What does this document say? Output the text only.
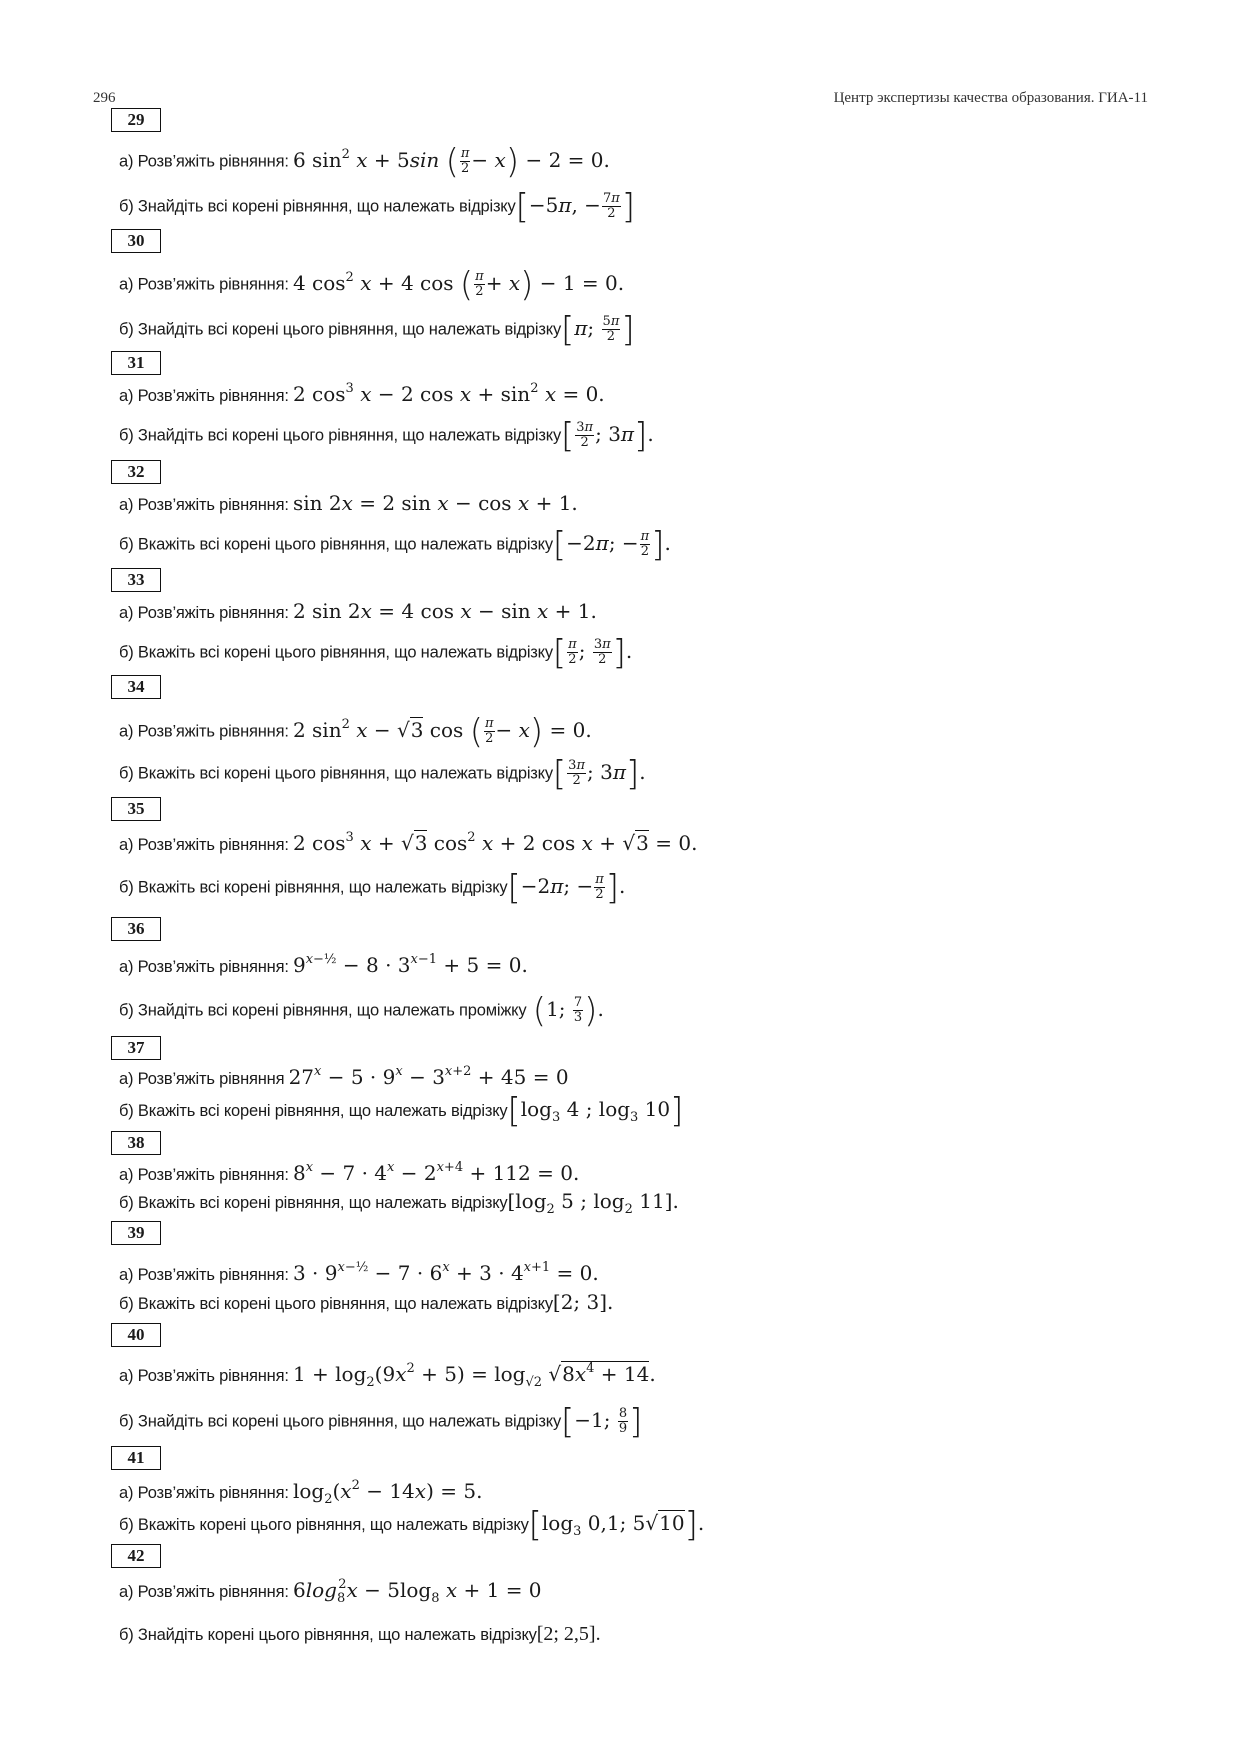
296	Центр экспертизы качества образования. ГИА-11
29
а) Розв’яжіть рівняння: 6 $\sin^2 x + 5\sin$ ( $\frac{\pi}{2} - x) - 2 = 0$.
б) Знайдіть всі корені рівняння, що належать відрізку[−5π, − $\frac{7\pi}{2}$ ]
30
а) Розв’яжіть рівняння: 4 $\cos^2 x + 4$ cos ( $\frac{\pi}{2} + x) - 1 = 0$.
б) Знайдіть всі корені цього рівняння, що належать відрізку[π; $\frac{5\pi}{2}$ ]
31
а) Розв’яжіть рівняння: 2 $\cos^3 x - 2$ $\cos x + \sin^2 x = 0$.
б) Знайдіть всі корені цього рівняння, що належать відрізку[ $\frac{3\pi}{2}$ ; 3π].
32
а) Розв’яжіть рівняння: sin 2x = 2 sin x − cos x + 1.
б) Вкажіть всі корені цього рівняння, що належать відрізку[−2π; − $\frac{\pi}{2}$ ].
33
а) Розв’яжіть рівняння: 2 sin 2x = 4 cos x − sin x + 1.
б) Вкажіть всі корені цього рівняння, що належать відрізку[ $\frac{\pi}{2}$ ; $\frac{3\pi}{2}$ ].
34
а) Розв’яжіть рівняння: 2 $\sin^2 x - √3$ cos ( $\frac{\pi}{2} - x) = 0$.
б) Вкажіть всі корені цього рівняння, що належать відрізку[ $\frac{3\pi}{2}$ ; 3π].
35
а) Розв’яжіть рівняння: 2 $\cos^3 x + √3$ $\cos^2 x + 2$ cos x + √3 = 0.
б) Вкажіть всі корені рівняння, що належать відрізку[−2π; − $\frac{\pi}{2}$ ].
36
а) Розв’яжіть рівняння: $9^{x-\frac{1}{2}} - 8 \cdot 3^{x-1} + 5 = 0$.
б) Знайдіть всі корені рівняння, що належать проміжку (1; $\frac{7}{3}$ ).
37
а) Розв’яжіть рівняння $27^x - 5 \cdot 9^x - 3^{x+2} + 45 = 0$
б) Вкажіть всі корені рівняння, що належать $відрізку[\log_3$ 4 ; $\log_3 10$]
38
а) Розв’яжіть рівняння: $8^x - 7 \cdot 4^x - 2^{x+4} + 112 = 0$.
б) Вкажіть всі корені рівняння, що належать $відрізку[\log_2$ 5 ; $\log_2 11$].
39
а) Розв’яжіть рівняння: $3 \cdot 9^{x-\frac{1}{2}} - 7 \cdot 6^x + 3 \cdot 4^{x+1} = 0$.
б) Вкажіть всі корені цього рівняння, що належать відрізку[2; 3].
40
а) Розв’яжіть рівняння: $1 + \log_2(9x^2 + 5) = \log_{√2} √8x^4 + 14$.
б) Знайдіть всі корені цього рівняння, що належать відрізку[−1; $\frac{8}{9}$ ]
41
а) Розв’яжіть рівняння: $\log_2(x^2 - 14x) = 5$.
б) Вкажіть корені цього рівняння, що належать $відрізку[\log_3$ 0,1; 5√10].
42
а) Розв’яжіть рівняння: $6\log_8^2x - 5\log_8$ x + 1 = 0
б) Знайдіть корені цього рівняння, що належать відрізку[2; 2,5].
